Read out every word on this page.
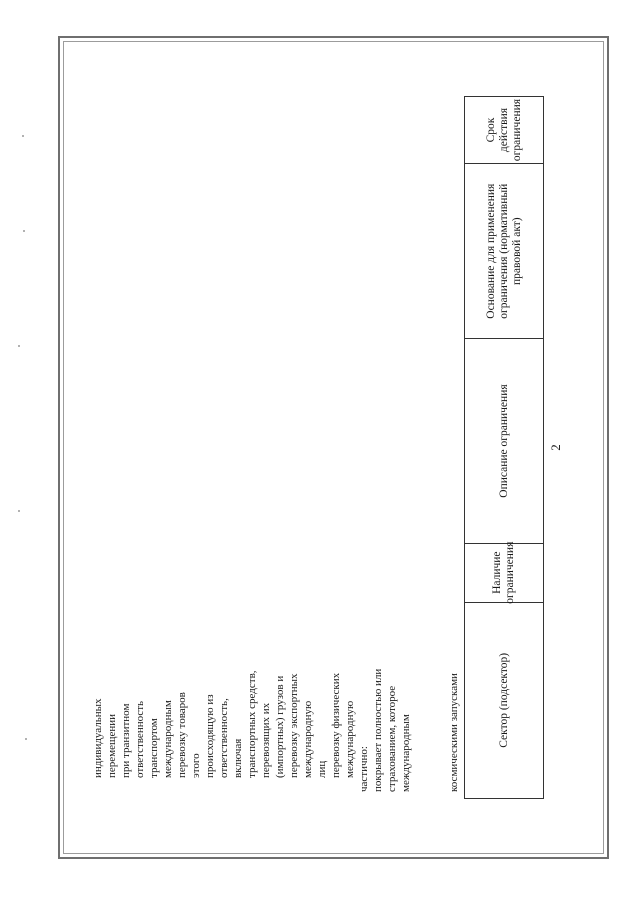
2
Сектор (подсектор)
Наличие ограничения
Описание ограничения
Основание для применения ограничения (нормативный правовой акт)
Срок действия ограничения
космическими запусками
международным
страхованием, которое
покрывает полностью или
частично:
международную
перевозку физических
лиц
международную
перевозку экспортных
(импортных) грузов и
перевозящих их
транспортных средств,
включая
ответственность,
происходящую из
этого
перевозку товаров
международным
транспортом
ответственность
при транзитном
перемещении
индивидуальных
